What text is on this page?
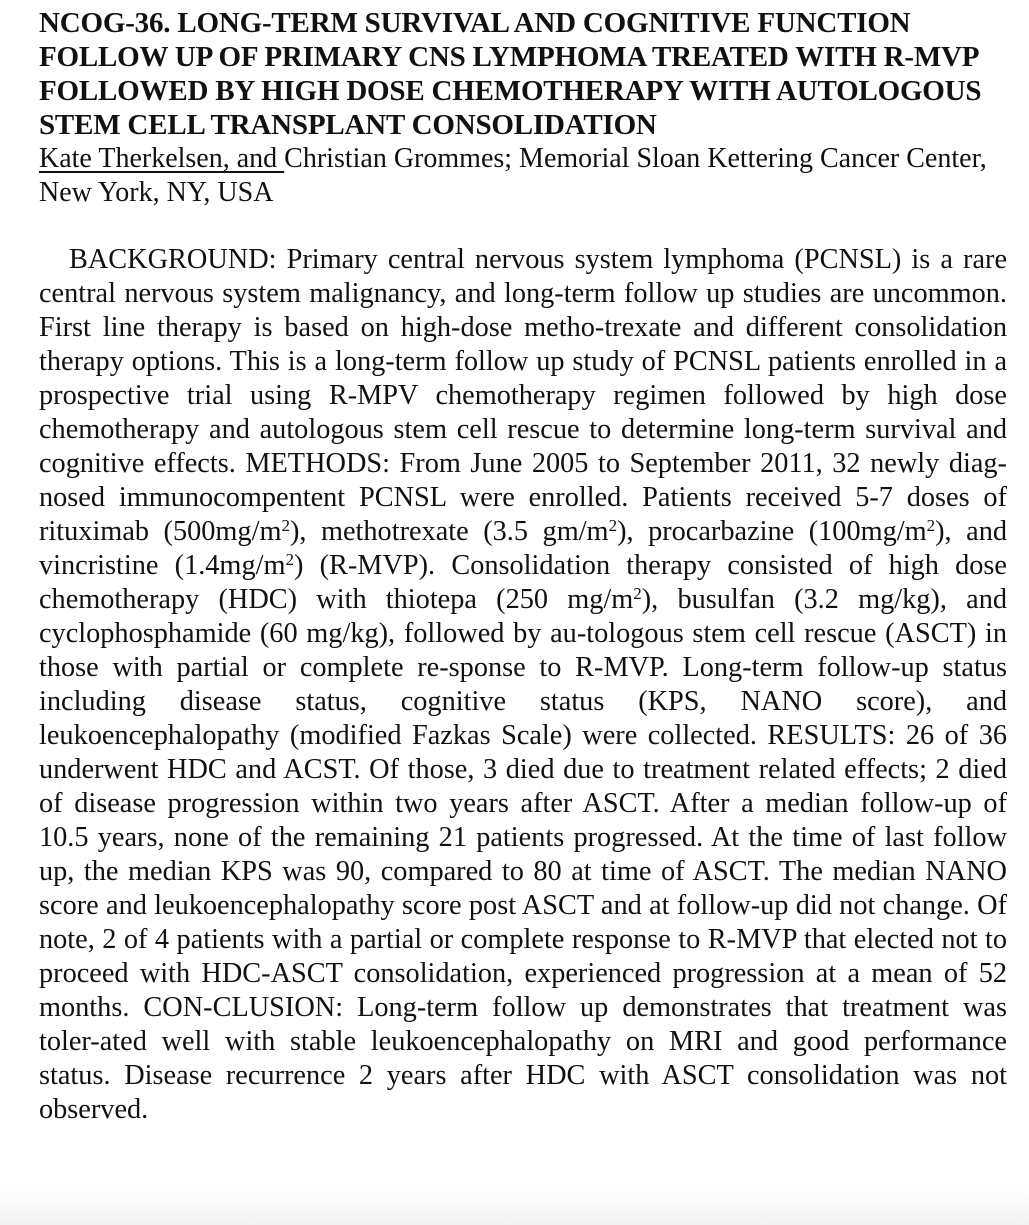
NCOG-36. LONG-TERM SURVIVAL AND COGNITIVE FUNCTION FOLLOW UP OF PRIMARY CNS LYMPHOMA TREATED WITH R-MVP FOLLOWED BY HIGH DOSE CHEMOTHERAPY WITH AUTOLOGOUS STEM CELL TRANSPLANT CONSOLIDATION

Kate Therkelsen, and Christian Grommes; Memorial Sloan Kettering Cancer Center, New York, NY, USA

BACKGROUND: Primary central nervous system lymphoma (PCNSL) is a rare central nervous system malignancy, and long-term follow up studies are uncommon. First line therapy is based on high-dose metho-trexate and different consolidation therapy options. This is a long-term follow up study of PCNSL patients enrolled in a prospective trial using R-MPV chemotherapy regimen followed by high dose chemotherapy and autologous stem cell rescue to determine long-term survival and cognitive effects. METHODS: From June 2005 to September 2011, 32 newly diag-nosed immunocompentent PCNSL were enrolled. Patients received 5-7 doses of rituximab $(500mg/m^2)$, methotrexate (3.5 $gm/m^2$), procarbazine $(100mg/m^2)$, and vincristine $(1.4mg/m^2)$ (R-MVP). Consolidation therapy consisted of high dose chemotherapy (HDC) with thiotepa (250 $mg/m^2$), busulfan (3.2 mg/kg), and cyclophosphamide (60 mg/kg), followed by au-tologous stem cell rescue (ASCT) in those with partial or complete re-sponse to R-MVP. Long-term follow-up status including disease status, cognitive status (KPS, NANO score), and leukoencephalopathy (modified Fazkas Scale) were collected. RESULTS: 26 of 36 underwent HDC and ACST. Of those, 3 died due to treatment related effects; 2 died of disease progression within two years after ASCT. After a median follow-up of 10.5 years, none of the remaining 21 patients progressed. At the time of last follow up, the median KPS was 90, compared to 80 at time of ASCT. The median NANO score and leukoencephalopathy score post ASCT and at follow-up did not change. Of note, 2 of 4 patients with a partial or complete response to R-MVP that elected not to proceed with HDC-ASCT consolidation, experienced progression at a mean of 52 months. CON-CLUSION: Long-term follow up demonstrates that treatment was toler-ated well with stable leukoencephalopathy on MRI and good performance status. Disease recurrence 2 years after HDC with ASCT consolidation was not observed.
